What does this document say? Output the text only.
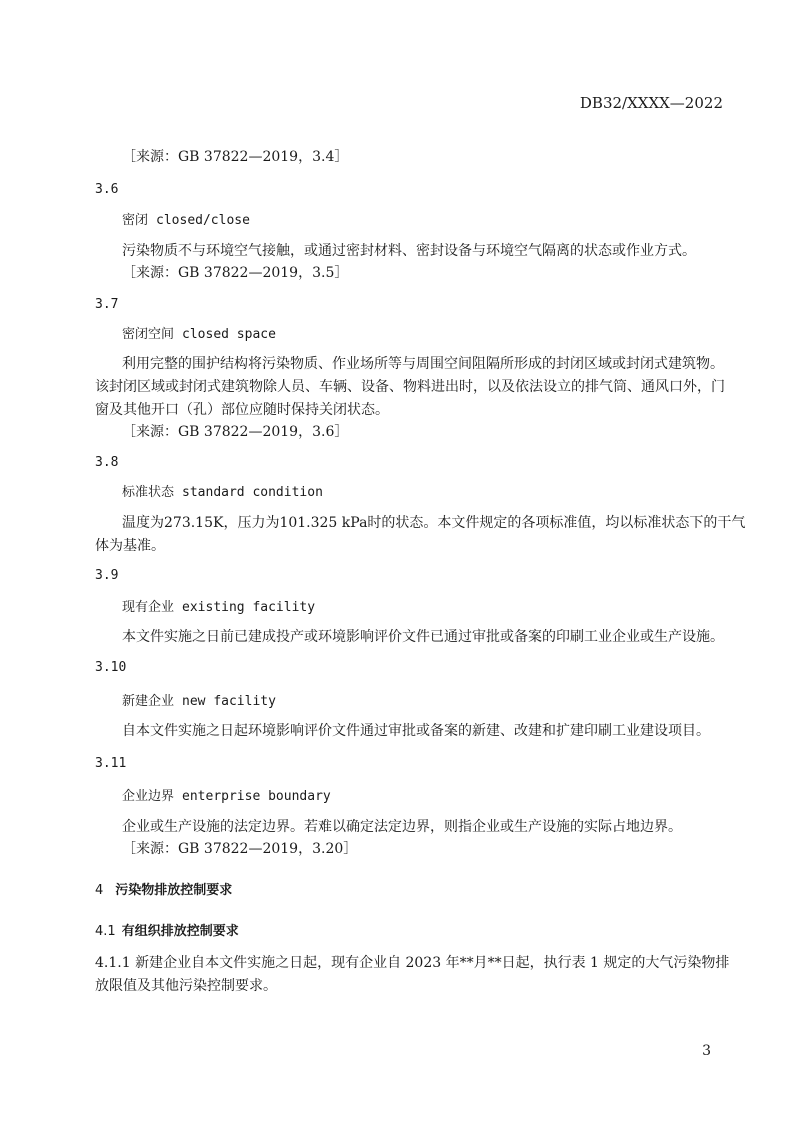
DB32/XXXX—2022
［来源：GB 37822—2019，3.4］
3.6
密闭 closed/close
污染物质不与环境空气接触，或通过密封材料、密封设备与环境空气隔离的状态或作业方式。
［来源：GB 37822—2019，3.5］
3.7
密闭空间 closed space
利用完整的围护结构将污染物质、作业场所等与周围空间阻隔所形成的封闭区域或封闭式建筑物。
该封闭区域或封闭式建筑物除人员、车辆、设备、物料进出时，以及依法设立的排气筒、通风口外，门
窗及其他开口（孔）部位应随时保持关闭状态。
［来源：GB 37822—2019，3.6］
3.8
标准状态 standard condition
温度为273.15K，压力为101.325 kPa时的状态。本文件规定的各项标准值，均以标准状态下的干气
体为基准。
3.9
现有企业 existing facility
本文件实施之日前已建成投产或环境影响评价文件已通过审批或备案的印刷工业企业或生产设施。
3.10
新建企业 new facility
自本文件实施之日起环境影响评价文件通过审批或备案的新建、改建和扩建印刷工业建设项目。
3.11
企业边界 enterprise boundary
企业或生产设施的法定边界。若难以确定法定边界，则指企业或生产设施的实际占地边界。
［来源：GB 37822—2019，3.20］
4 污染物排放控制要求
4.1 有组织排放控制要求
4.1.1 新建企业自本文件实施之日起，现有企业自 2023 年**月**日起，执行表 1 规定的大气污染物排
放限值及其他污染控制要求。
3
